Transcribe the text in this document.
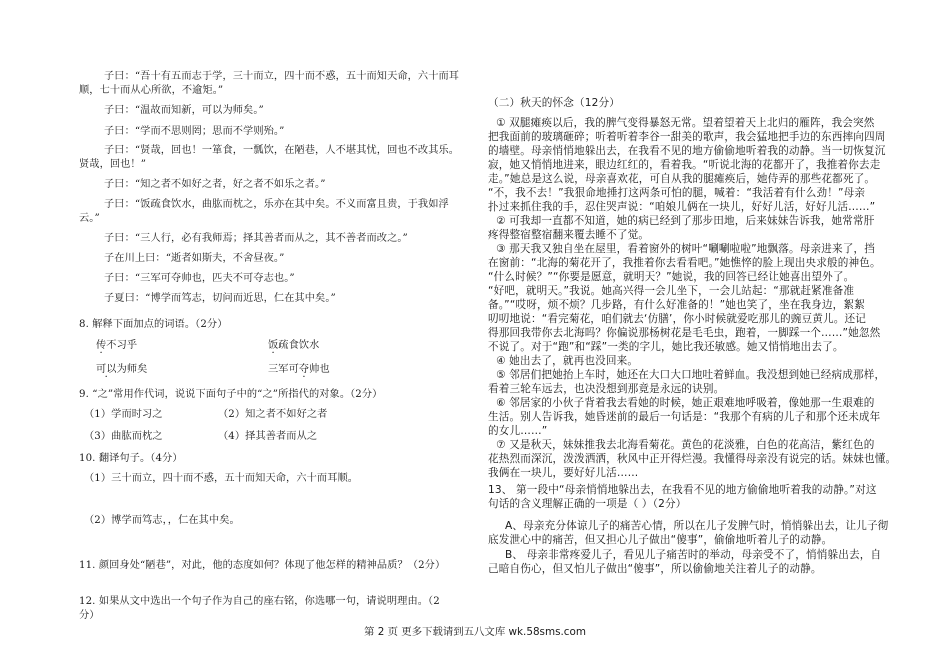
子曰：“吾十有五而志于学，三十而立，四十而不惑，五十而知天命，六十而耳
顺，七十而从心所欲，不逾矩。”
子曰：“温故而知新，可以为师矣。”
子曰：“学而不思则罔；思而不学则殆。”
子曰：“贤哉，回也！一箪食，一瓢饮，在陋巷，人不堪其忧，回也不改其乐。
贤哉，回也！”
子曰：“知之者不如好之者，好之者不如乐之者。”
子曰：“饭疏食饮水，曲肱而枕之，乐亦在其中矣。不义而富且贵，于我如浮
云。”
子曰：“三人行，必有我师焉；择其善者而从之，其不善者而改之。”
子在川上曰：“逝者如斯夫，不舍昼夜。”
子曰：“三军可夺帅也，匹夫不可夺志也。”
子夏曰：“博学而笃志，切问而近思，仁在其中矣。”
8. 解释下面加点的词语。（2分）
传不习乎	饭疏食饮水
可以为师矣	三军可夺帅也
9. “之”常用作代词，说说下面句子中的“之”所指代的对象。（2分）
（1）学而时习之	（2）知之者不如好之者
（3）曲肱而枕之	（4）择其善者而从之
10. 翻译句子。（4分）
（1）三十而立，四十而不惑，五十而知天命，六十而耳顺。
（2）博学而笃志，，仁在其中矣。
11. 颜回身处“陋巷”，对此，他的态度如何？体现了他怎样的精神品质？（2分）
12. 如果从文中选出一个句子作为自己的座右铭，你选哪一句，请说明理由。（2
分）
（二）秋天的怀念（12分）
① 双腿瘫痪以后，我的脾气变得暴怒无常。望着望着天上北归的雁阵，我会突然
把我面前的玻璃砸碎；听着听着李谷一甜美的歌声，我会猛地把手边的东西摔向四周
的墙壁。母亲悄悄地躲出去，在我看不见的地方偷偷地听着我的动静。当一切恢复沉
寂，她又悄悄地进来，眼边红红的，看着我。“听说北海的花都开了，我推着你去走
走。”她总是这么说，母亲喜欢花，可自从我的腿瘫痪后，她侍弄的那些花都死了。
“不，我不去！”我狠命地捶打这两条可怕的腿，喊着：“我活着有什么劲！”母亲
扑过来抓住我的手，忍住哭声说：“咱娘儿俩在一块儿，好好儿活，好好儿活……”
② 可我却一直都不知道，她的病已经到了那步田地，后来妹妹告诉我，她常常肝
疼得整宿整宿翻来覆去睡不了觉。
③ 那天我又独自坐在屋里，看着窗外的树叶“唰唰啦啦”地飘落。母亲进来了，挡
在窗前：“北海的菊花开了，我推着你去看看吧。”她憔悴的脸上现出央求般的神色。
“什么时候？”“你要是愿意，就明天？”她说，我的回答已经让她喜出望外了。
“好吧，就明天。”我说。她高兴得一会儿坐下，一会儿站起：“那就赶紧准备准
备。”“哎呀，烦不烦？几步路，有什么好准备的！”她也笑了，坐在我身边，絮絮
叨叨地说：“看完菊花，咱们就去‘仿膳’，你小时候就爱吃那儿的豌豆黄儿。还记
得那回我带你去北海吗？你偏说那杨树花是毛毛虫，跑着，一脚踩一个……”她忽然
不说了。对于“跑”和“踩”一类的字儿，她比我还敏感。她又悄悄地出去了。
④ 她出去了，就再也没回来。
⑤ 邻居们把她抬上车时，她还在大口大口地吐着鲜血。我没想到她已经病成那样，
看着三轮车远去，也决没想到那竟是永远的诀别。
⑥ 邻居家的小伙子背着我去看她的时候，她正艰难地呼吸着，像她那一生艰难的
生活。别人告诉我，她昏迷前的最后一句话是：“我那个有病的儿子和那个还未成年
的女儿……”
⑦ 又是秋天，妹妹推我去北海看菊花。黄色的花淡雅，白色的花高洁，紫红色的
花热烈而深沉，泼泼洒洒，秋风中正开得烂漫。我懂得母亲没有说完的话。妹妹也懂。
我俩在一块儿，要好好儿活……
13、 第一段中“母亲悄悄地躲出去，在我看不见的地方偷偷地听着我的动静。”对这
句话的含义理解正确的一项是（ ）（2分）
A、母亲充分体谅儿子的痛苦心情，所以在儿子发脾气时，悄悄躲出去，让儿子彻
底发泄心中的痛苦，但又担心儿子做出“傻事”，偷偷地听着儿子的动静。
B、 母亲非常疼爱儿子，看见儿子痛苦时的举动，母亲受不了，悄悄躲出去，自
己暗自伤心，但又怕儿子做出“傻事”，所以偷偷地关注着儿子的动静。
第 2 页 更多下载请到五八文库 wk.58sms.com
